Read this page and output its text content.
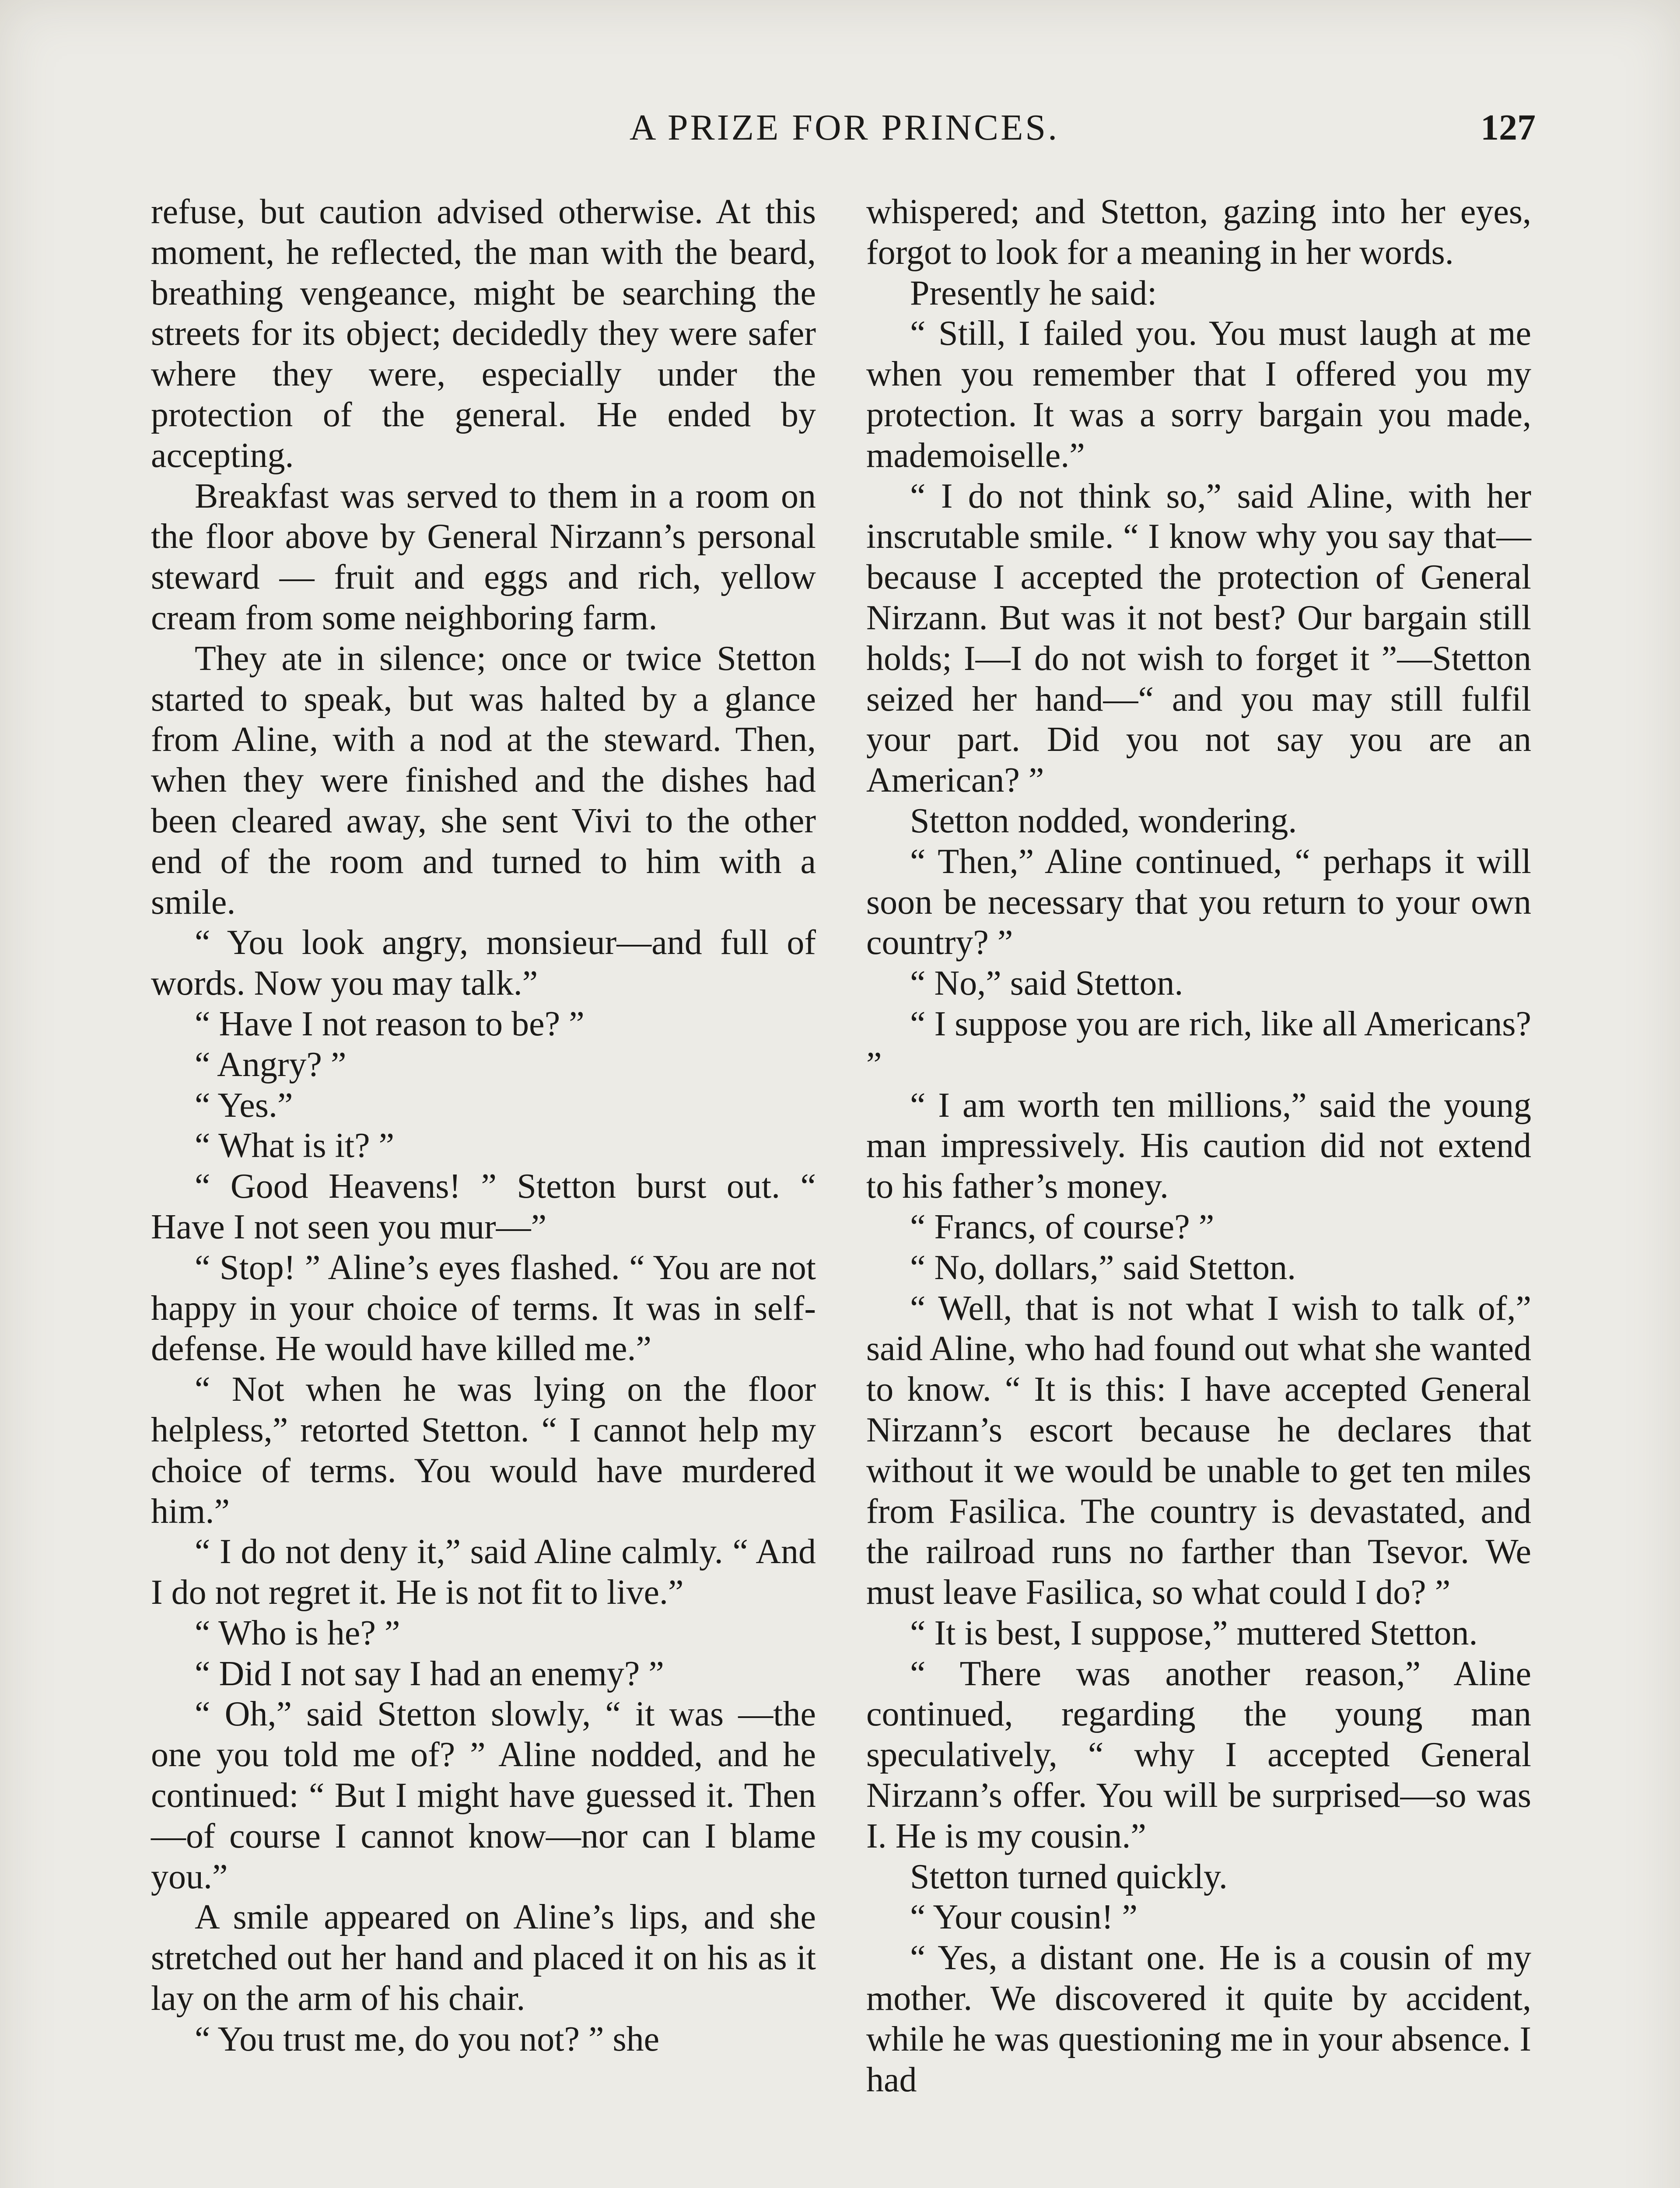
A PRIZE FOR PRINCES.	127

refuse, but caution advised otherwise. At this moment, he reflected, the man with the beard, breathing vengeance, might be searching the streets for its object; decidedly they were safer where they were, especially under the protection of the general. He ended by accepting.

Breakfast was served to them in a room on the floor above by General Nirzann’s personal steward — fruit and eggs and rich, yellow cream from some neighboring farm.

They ate in silence; once or twice Stetton started to speak, but was halted by a glance from Aline, with a nod at the steward. Then, when they were finished and the dishes had been cleared away, she sent Vivi to the other end of the room and turned to him with a smile.

“ You look angry, monsieur—and full of words. Now you may talk.”

“ Have I not reason to be? ”

“ Angry? ”

“ Yes.”

“ What is it? ”

“ Good Heavens! ” Stetton burst out. “ Have I not seen you mur—”

“ Stop! ” Aline’s eyes flashed. “ You are not happy in your choice of terms. It was in self-defense. He would have killed me.”

“ Not when he was lying on the floor helpless,” retorted Stetton. “ I cannot help my choice of terms. You would have murdered him.”

“ I do not deny it,” said Aline calmly. “ And I do not regret it. He is not fit to live.”

“ Who is he? ”

“ Did I not say I had an enemy? ”

“ Oh,” said Stetton slowly, “ it was —the one you told me of? ” Aline nodded, and he continued: “ But I might have guessed it. Then—of course I cannot know—nor can I blame you.”

A smile appeared on Aline’s lips, and she stretched out her hand and placed it on his as it lay on the arm of his chair.

“ You trust me, do you not? ” she

whispered; and Stetton, gazing into her eyes, forgot to look for a meaning in her words.

Presently he said:

“ Still, I failed you. You must laugh at me when you remember that I offered you my protection. It was a sorry bargain you made, mademoiselle.”

“ I do not think so,” said Aline, with her inscrutable smile. “ I know why you say that—because I accepted the protection of General Nirzann. But was it not best? Our bargain still holds; I—I do not wish to forget it ”—Stetton seized her hand—“ and you may still fulfil your part. Did you not say you are an American? ”

Stetton nodded, wondering.

“ Then,” Aline continued, “ perhaps it will soon be necessary that you return to your own country? ”

“ No,” said Stetton.

“ I suppose you are rich, like all Americans? ”

“ I am worth ten millions,” said the young man impressively. His caution did not extend to his father’s money.

“ Francs, of course? ”

“ No, dollars,” said Stetton.

“ Well, that is not what I wish to talk of,” said Aline, who had found out what she wanted to know. “ It is this: I have accepted General Nirzann’s escort because he declares that without it we would be unable to get ten miles from Fasilica. The country is devastated, and the railroad runs no farther than Tsevor. We must leave Fasilica, so what could I do? ”

“ It is best, I suppose,” muttered Stetton.

“ There was another reason,” Aline continued, regarding the young man speculatively, “ why I accepted General Nirzann’s offer. You will be surprised—so was I. He is my cousin.”

Stetton turned quickly.

“ Your cousin! ”

“ Yes, a distant one. He is a cousin of my mother. We discovered it quite by accident, while he was questioning me in your absence. I had
